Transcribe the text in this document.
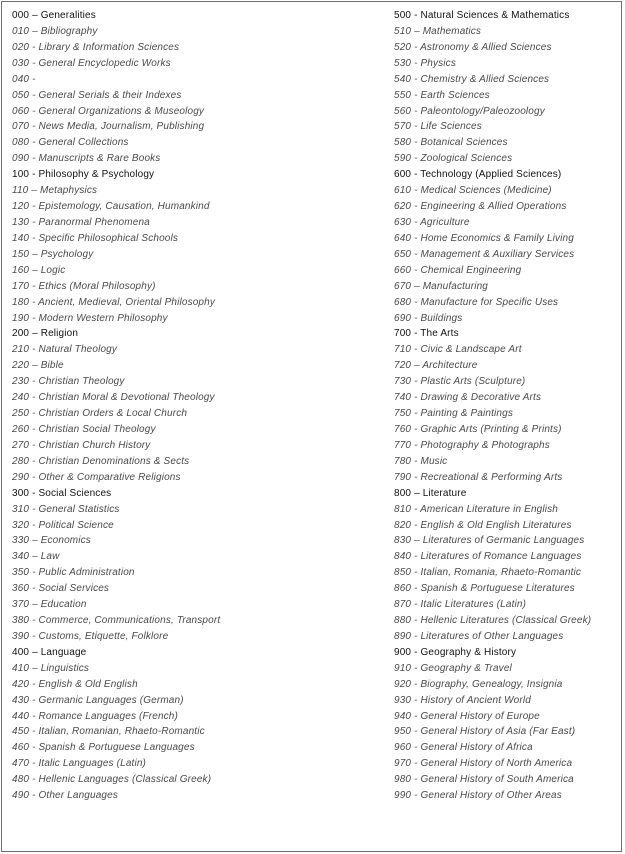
000 – Generalities
010 – Bibliography
020 - Library & Information Sciences
030 - General Encyclopedic Works
040 -
050 - General Serials & their Indexes
060 - General Organizations & Museology
070 - News Media, Journalism, Publishing
080 - General Collections
090 - Manuscripts & Rare Books
100 - Philosophy & Psychology
110 – Metaphysics
120 - Epistemology, Causation, Humankind
130 - Paranormal Phenomena
140 - Specific Philosophical Schools
150 – Psychology
160 – Logic
170 - Ethics (Moral Philosophy)
180 - Ancient, Medieval, Oriental Philosophy
190 - Modern Western Philosophy
200 – Religion
210 - Natural Theology
220 – Bible
230 - Christian Theology
240 - Christian Moral & Devotional Theology
250 - Christian Orders & Local Church
260 - Christian Social Theology
270 - Christian Church History
280 - Christian Denominations & Sects
290 - Other & Comparative Religions
300 - Social Sciences
310 - General Statistics
320 - Political Science
330 – Economics
340 – Law
350 - Public Administration
360 - Social Services
370 – Education
380 - Commerce, Communications, Transport
390 - Customs, Etiquette, Folklore
400 – Language
410 – Linguistics
420 - English & Old English
430 - Germanic Languages (German)
440 - Romance Languages (French)
450 - Italian, Romanian, Rhaeto-Romantic
460 - Spanish & Portuguese Languages
470 - Italic Languages (Latin)
480 - Hellenic Languages (Classical Greek)
490 - Other Languages
500 - Natural Sciences & Mathematics
510 – Mathematics
520 - Astronomy & Allied Sciences
530 - Physics
540 - Chemistry & Allied Sciences
550 - Earth Sciences
560 - Paleontology/Paleozoology
570 - Life Sciences
580 - Botanical Sciences
590 - Zoological Sciences
600 - Technology (Applied Sciences)
610 - Medical Sciences (Medicine)
620 - Engineering & Allied Operations
630 - Agriculture
640 - Home Economics & Family Living
650 - Management & Auxiliary Services
660 - Chemical Engineering
670 – Manufacturing
680 - Manufacture for Specific Uses
690 - Buildings
700 - The Arts
710 - Civic & Landscape Art
720 – Architecture
730 - Plastic Arts (Sculpture)
740 - Drawing & Decorative Arts
750 - Painting & Paintings
760 - Graphic Arts (Printing & Prints)
770 - Photography & Photographs
780 - Music
790 - Recreational & Performing Arts
800 – Literature
810 - American Literature in English
820 - English & Old English Literatures
830 – Literatures of Germanic Languages
840 - Literatures of Romance Languages
850 - Italian, Romania, Rhaeto-Romantic
860 - Spanish & Portuguese Literatures
870 - Italic Literatures (Latin)
880 - Hellenic Literatures (Classical Greek)
890 - Literatures of Other Languages
900 - Geography & History
910 - Geography & Travel
920 - Biography, Genealogy, Insignia
930 - History of Ancient World
940 - General History of Europe
950 - General History of Asia (Far East)
960 - General History of Africa
970 - General History of North America
980 - General History of South America
990 - General History of Other Areas
